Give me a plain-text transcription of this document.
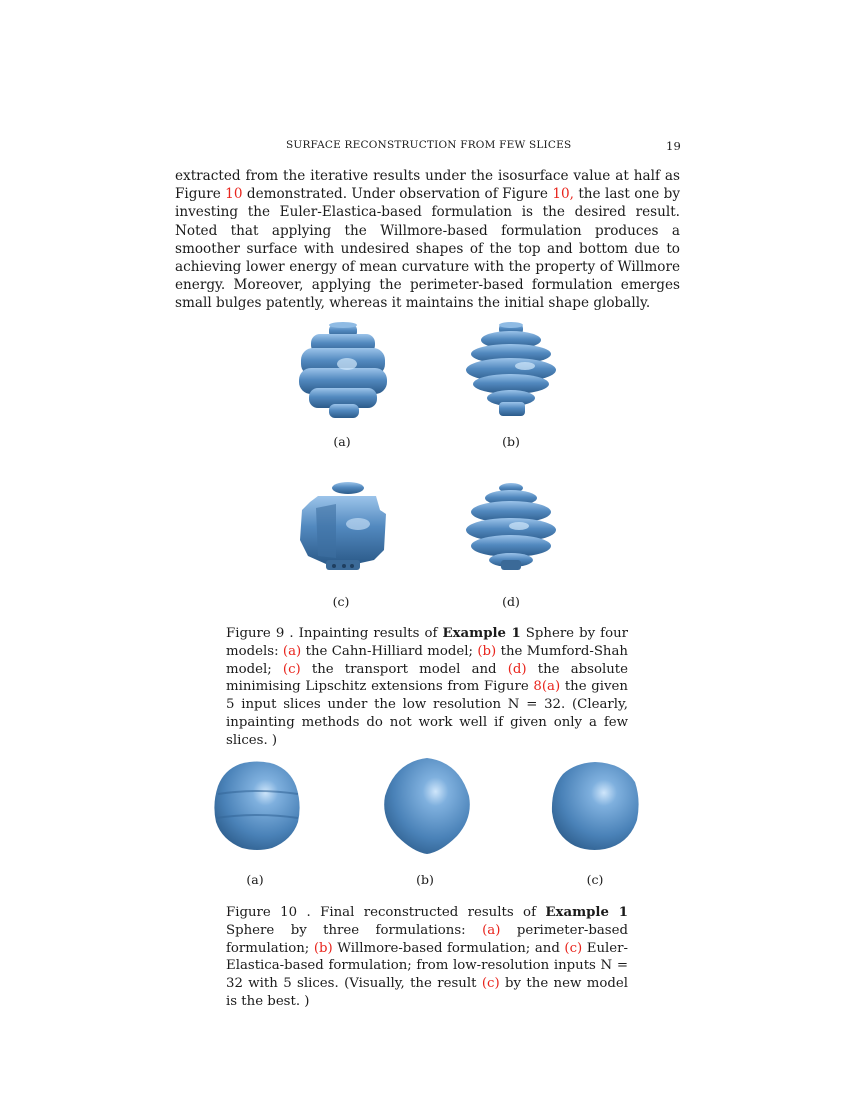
SURFACE RECONSTRUCTION FROM FEW SLICES	19

extracted from the iterative results under the isosurface value at half as Figure 10 demonstrated. Under observation of Figure 10, the last one by investing the Euler-Elastica-based formulation is the desired result. Noted that applying the Willmore-based formulation produces a smoother surface with undesired shapes of the top and bottom due to achieving lower energy of mean curvature with the property of Willmore energy. Moreover, applying the perimeter-based formulation emerges small bulges patently, whereas it maintains the initial shape globally.

(a)	(b)
(c)	(d)

Figure 9 . Inpainting results of Example 1 Sphere by four models: (a) the Cahn-Hilliard model; (b) the Mumford-Shah model; (c) the transport model and (d) the absolute minimising Lipschitz extensions from Figure 8(a) the given 5 input slices under the low resolution N = 32. (Clearly, inpainting methods do not work well if given only a few slices. )

(a)	(b)	(c)

Figure 10 . Final reconstructed results of Example 1 Sphere by three formulations: (a) perimeter-based formulation; (b) Willmore-based formulation; and (c) Euler-Elastica-based formulation; from low-resolution inputs N = 32 with 5 slices. (Visually, the result (c) by the new model is the best. )
